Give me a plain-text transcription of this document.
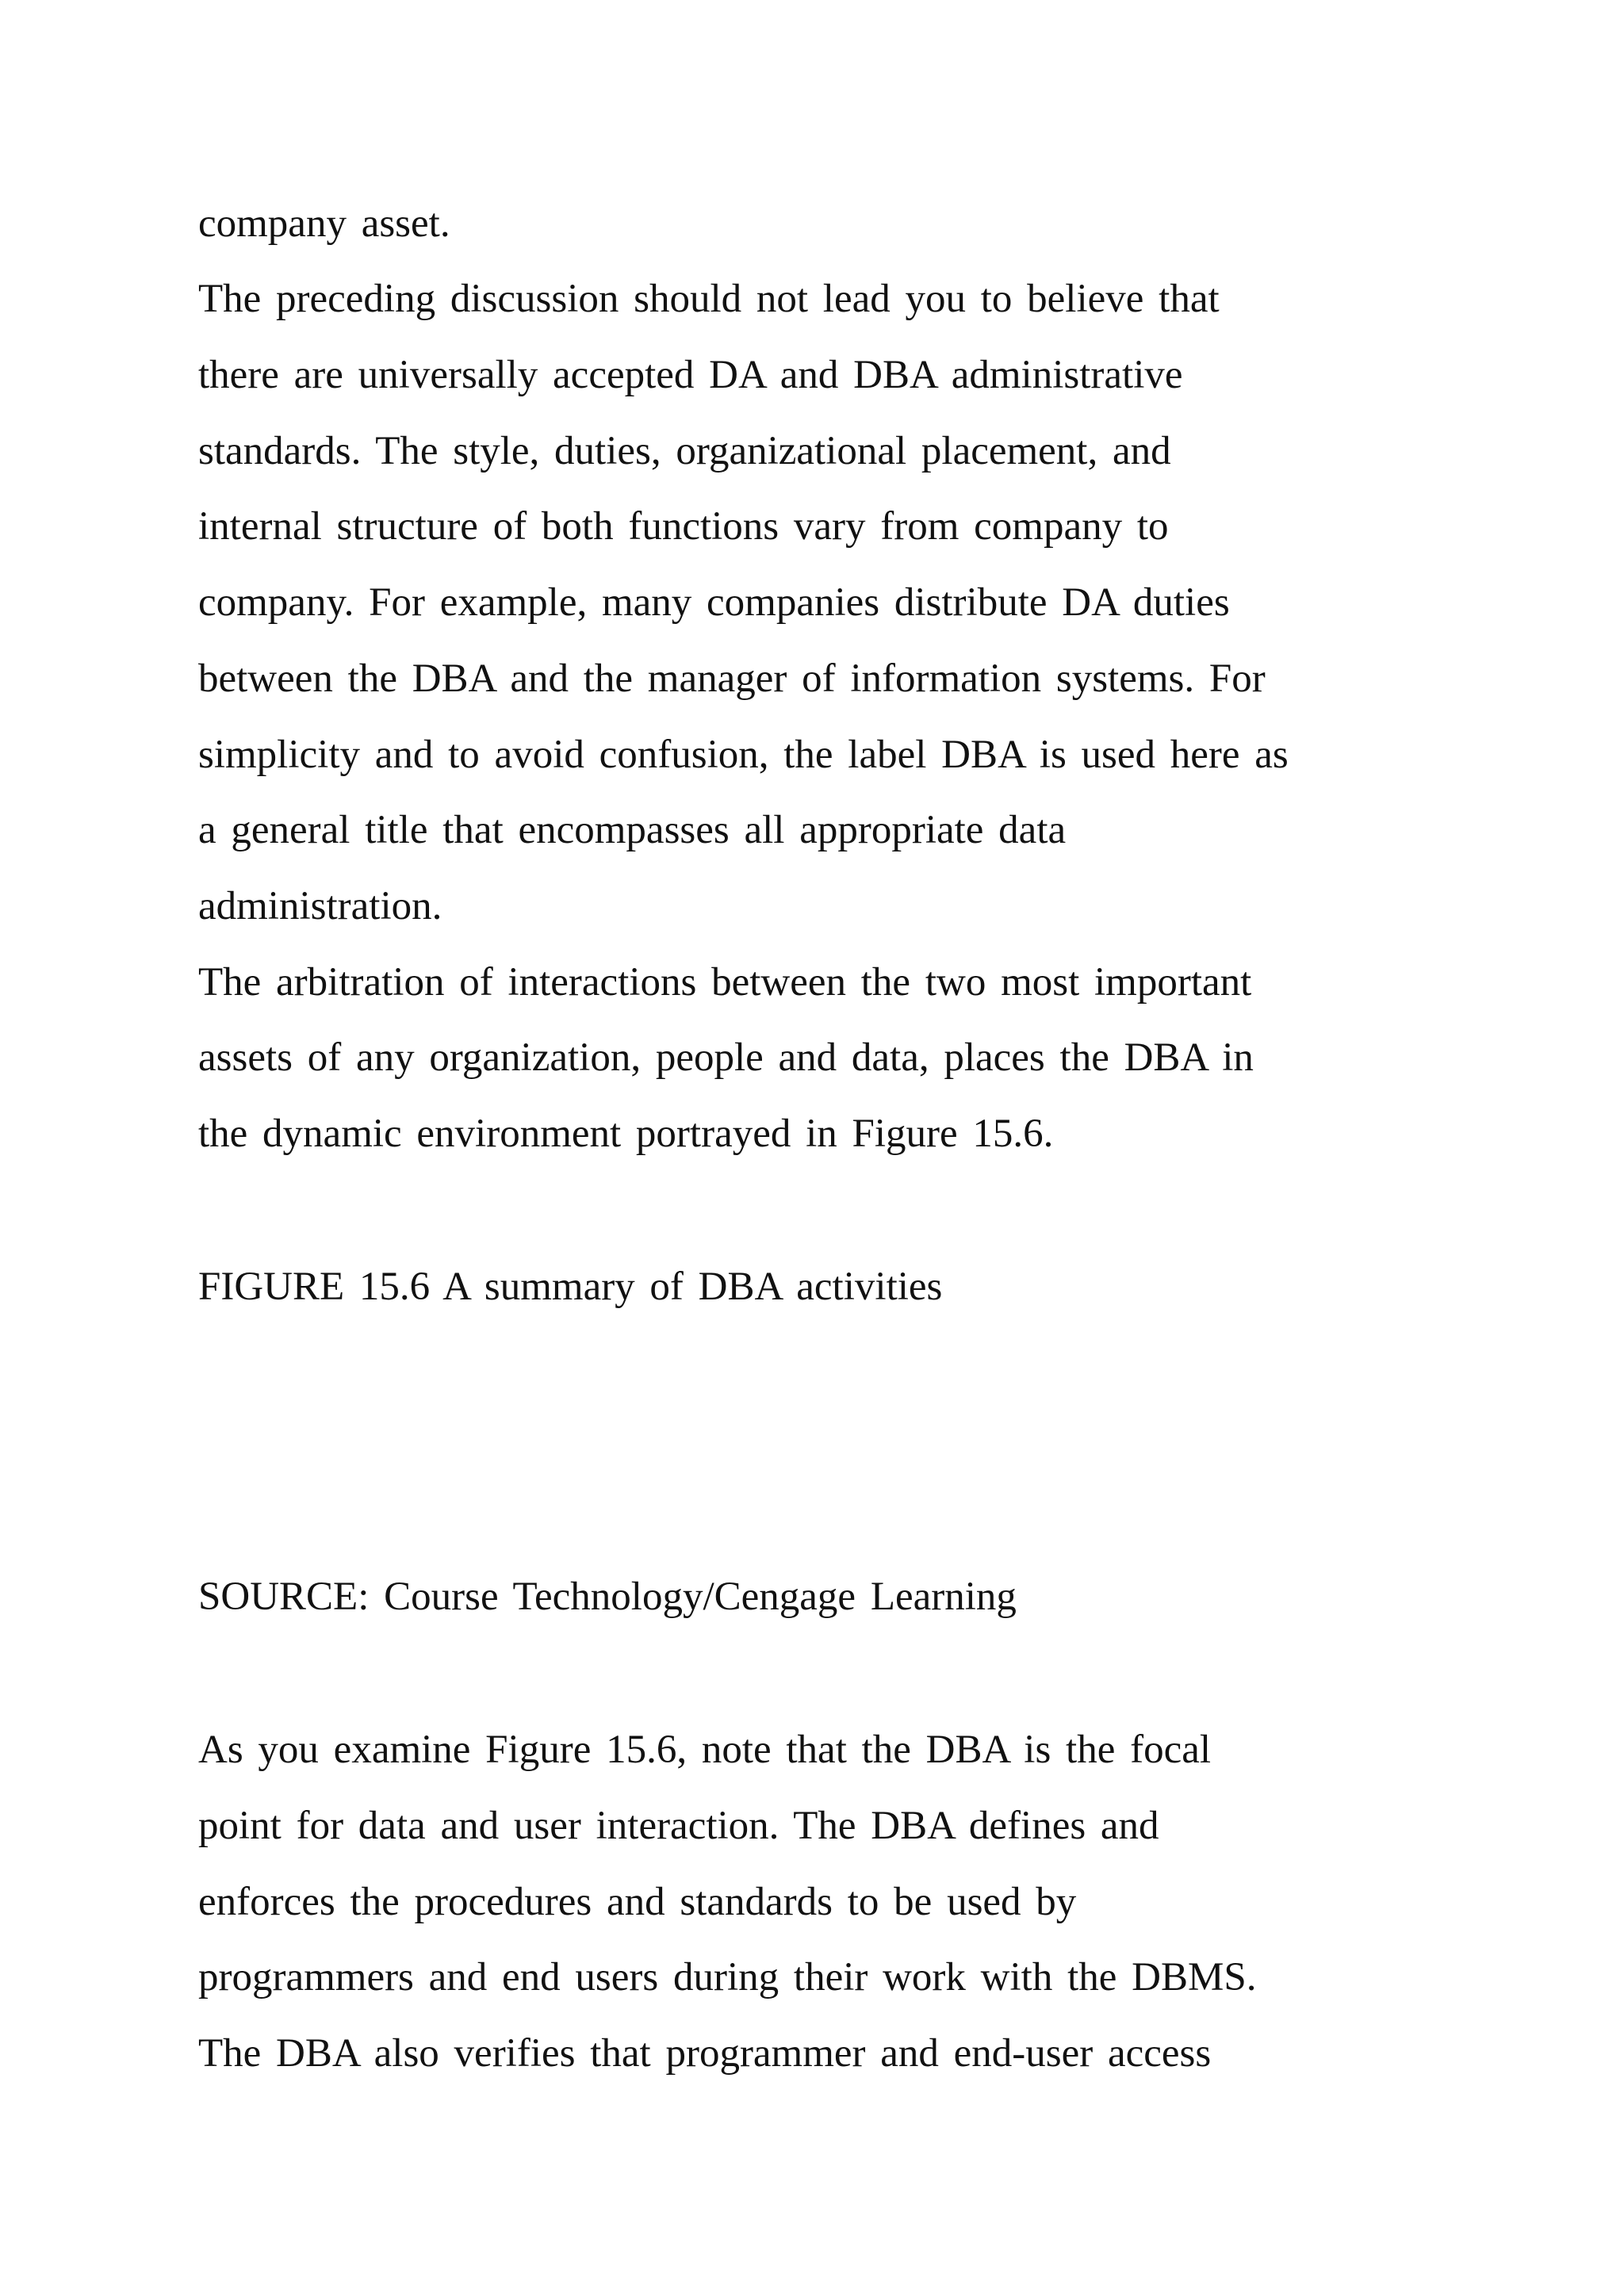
company asset.

The preceding discussion should not lead you to believe that

there are universally accepted DA and DBA administrative

standards. The style, duties, organizational placement, and

internal structure of both functions vary from company to

company. For example, many companies distribute DA duties

between the DBA and the manager of information systems. For

simplicity and to avoid confusion, the label DBA is used here as

a general title that encompasses all appropriate data

administration.

The arbitration of interactions between the two most important

assets of any organization, people and data, places the DBA in

the dynamic environment portrayed in Figure 15.6.

FIGURE 15.6 A summary of DBA activities

SOURCE: Course Technology/Cengage Learning

As you examine Figure 15.6, note that the DBA is the focal

point for data and user interaction. The DBA defines and

enforces the procedures and standards to be used by

programmers and end users during their work with the DBMS.

The DBA also verifies that programmer and end-user access
